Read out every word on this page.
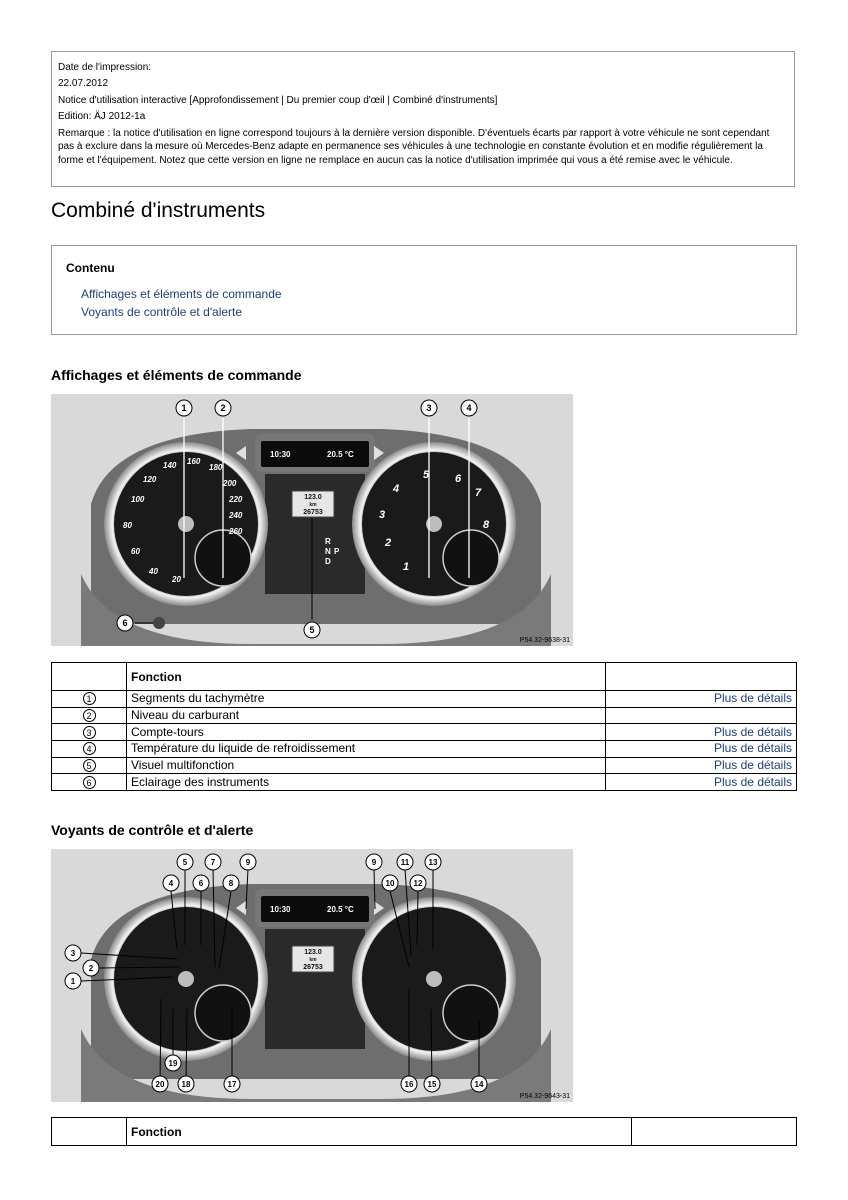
Date de l'impression:
22.07.2012
Notice d'utilisation interactive [Approfondissement | Du premier coup d'œil | Combiné d'instruments]
Edition: ÄJ 2012-1a
Remarque : la notice d'utilisation en ligne correspond toujours à la dernière version disponible. D'éventuels écarts par rapport à votre véhicule ne sont cependant pas à exclure dans la mesure où Mercedes-Benz adapte en permanence ses véhicules à une technologie en constante évolution et en modifie régulièrement la forme et l'équipement. Notez que cette version en ligne ne remplace en aucun cas la notice d'utilisation imprimée qui vous a été remise avec le véhicule.
Combiné d'instruments
Contenu
Affichages et éléments de commande
Voyants de contrôle et d'alerte
Affichages et éléments de commande
20
40
60
80
100
120
140 160
180
200
220
240
260
1
2
3
4
5 6
7
8
R
N P
D
10:30	20.5 °C
123.0
km
26753
1	2	3	4
5
6
P54.32-9638-31
	Fonction	
1	Segments du tachymètre	Plus de détails
2	Niveau du carburant	
3	Compte-tours	Plus de détails
4	Température du liquide de refroidissement	Plus de détails
5	Visuel multifonction	Plus de détails
6	Eclairage des instruments	Plus de détails
Voyants de contrôle et d'alerte
10:30	20.5 °C
123.0
km
26753
1
2
3
4
5
6
7
8
9	9
10
11
12
13
14
15
16
17
18
19
20
P54.32-9643-31
	Fonction	
